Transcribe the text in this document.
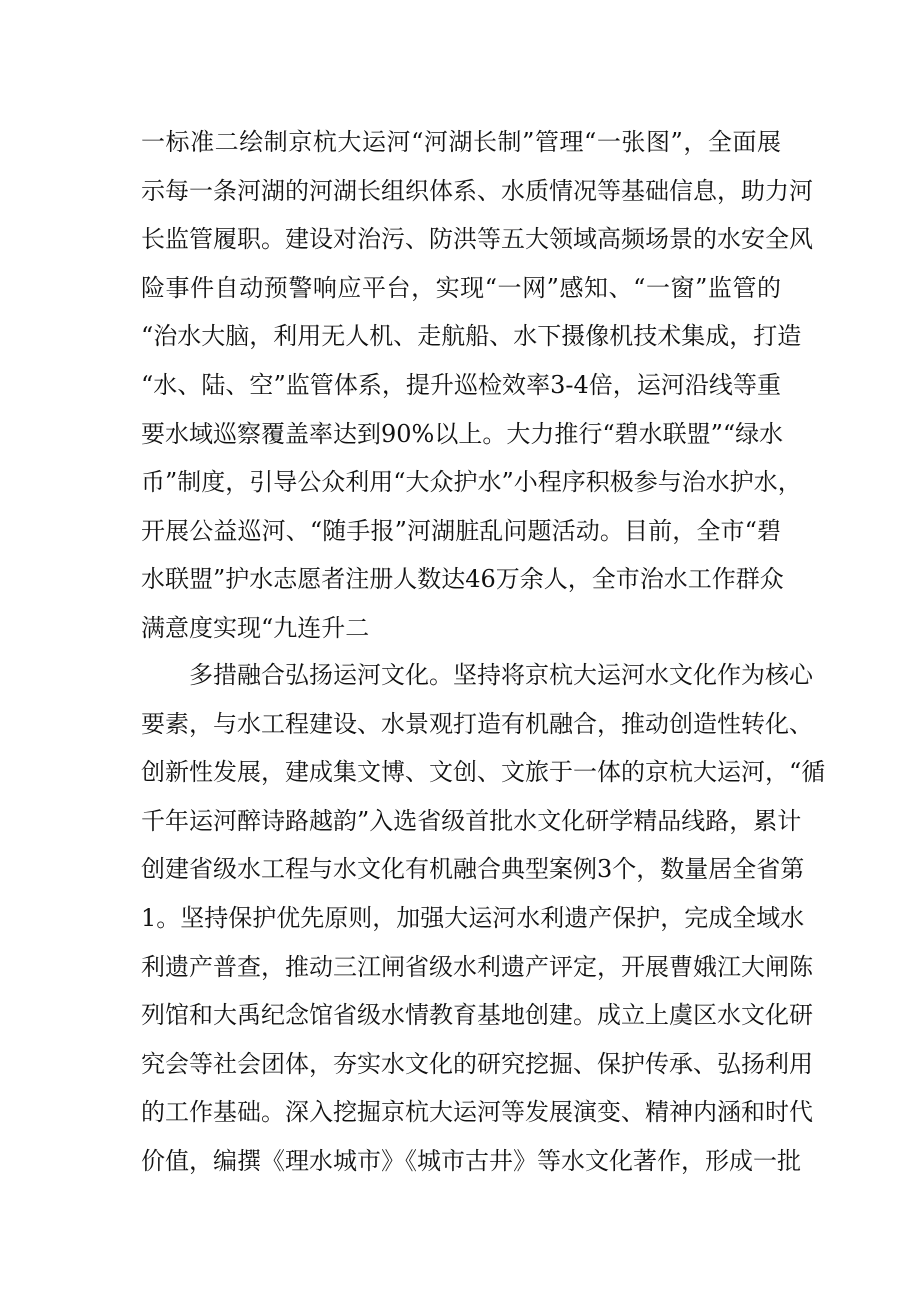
一标准二绘制京杭大运河“河湖长制”管理“一张图”，全面展
示每一条河湖的河湖长组织体系、水质情况等基础信息，助力河
长监管履职。建设对治污、防洪等五大领域高频场景的水安全风
险事件自动预警响应平台，实现“一网”感知、“一窗”监管的
“治水大脑，利用无人机、走航船、水下摄像机技术集成，打造
“水、陆、空”监管体系，提升巡检效率3-4倍，运河沿线等重
要水域巡察覆盖率达到90%以上。大力推行“碧水联盟”“绿水
币”制度，引导公众利用“大众护水”小程序积极参与治水护水，
开展公益巡河、“随手报”河湖脏乱问题活动。目前，全市“碧
水联盟”护水志愿者注册人数达46万余人，全市治水工作群众
满意度实现“九连升二
多措融合弘扬运河文化。坚持将京杭大运河水文化作为核心
要素，与水工程建设、水景观打造有机融合，推动创造性转化、
创新性发展，建成集文博、文创、文旅于一体的京杭大运河，“循
千年运河醉诗路越韵”入选省级首批水文化研学精品线路，累计
创建省级水工程与水文化有机融合典型案例3个，数量居全省第
1。坚持保护优先原则，加强大运河水利遗产保护，完成全域水
利遗产普查，推动三江闸省级水利遗产评定，开展曹娥江大闸陈
列馆和大禹纪念馆省级水情教育基地创建。成立上虞区水文化研
究会等社会团体，夯实水文化的研究挖掘、保护传承、弘扬利用
的工作基础。深入挖掘京杭大运河等发展演变、精神内涵和时代
价值，编撰《理水城市》《城市古井》等水文化著作，形成一批
